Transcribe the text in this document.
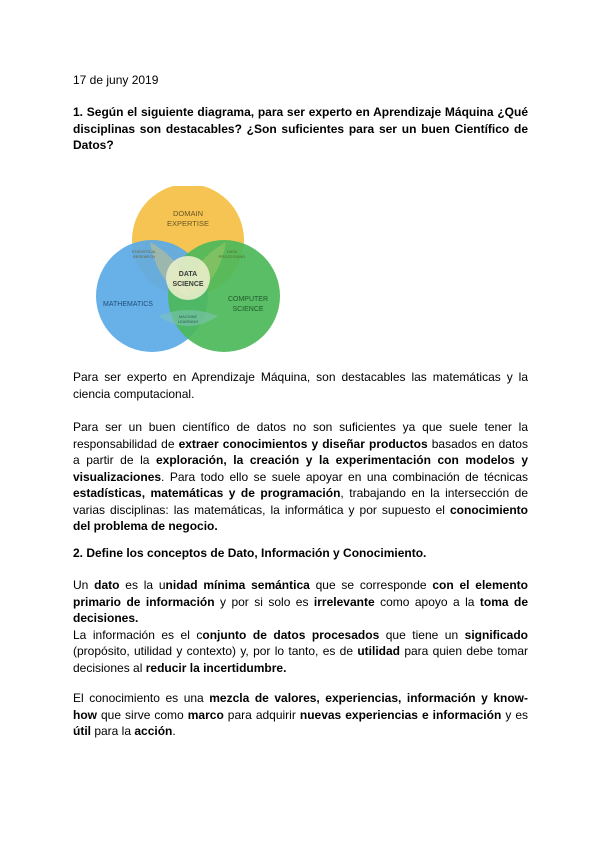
17 de juny 2019
1. Según el siguiente diagrama, para ser experto en Aprendizaje Máquina ¿Qué disciplinas son destacables? ¿Son suficientes para ser un buen Científico de Datos?
DOMAIN
EXPERTISE
STATISTICAL
RESEARCH
DATA
PROCESSING
DATA
SCIENCE
MATHEMATICS
COMPUTER
SCIENCE
MACHINE
LEARNING
Para ser experto en Aprendizaje Máquina, son destacables las matemáticas y la ciencia computacional.
Para ser un buen científico de datos no son suficientes ya que suele tener la responsabilidad de extraer conocimientos y diseñar productos basados en datos a partir de la exploración, la creación y la experimentación con modelos y visualizaciones. Para todo ello se suele apoyar en una combinación de técnicas estadísticas, matemáticas y de programación, trabajando en la intersección de varias disciplinas: las matemáticas, la informática y por supuesto el conocimiento del problema de negocio.
2. Define los conceptos de Dato, Información y Conocimiento.
Un dato es la unidad mínima semántica que se corresponde con el elemento primario de información y por si solo es irrelevante como apoyo a la toma de decisiones.
La información es el conjunto de datos procesados que tiene un significado (propósito, utilidad y contexto) y, por lo tanto, es de utilidad para quien debe tomar decisiones al reducir la incertidumbre.
El conocimiento es una mezcla de valores, experiencias, información y know-how que sirve como marco para adquirir nuevas experiencias e información y es útil para la acción.
